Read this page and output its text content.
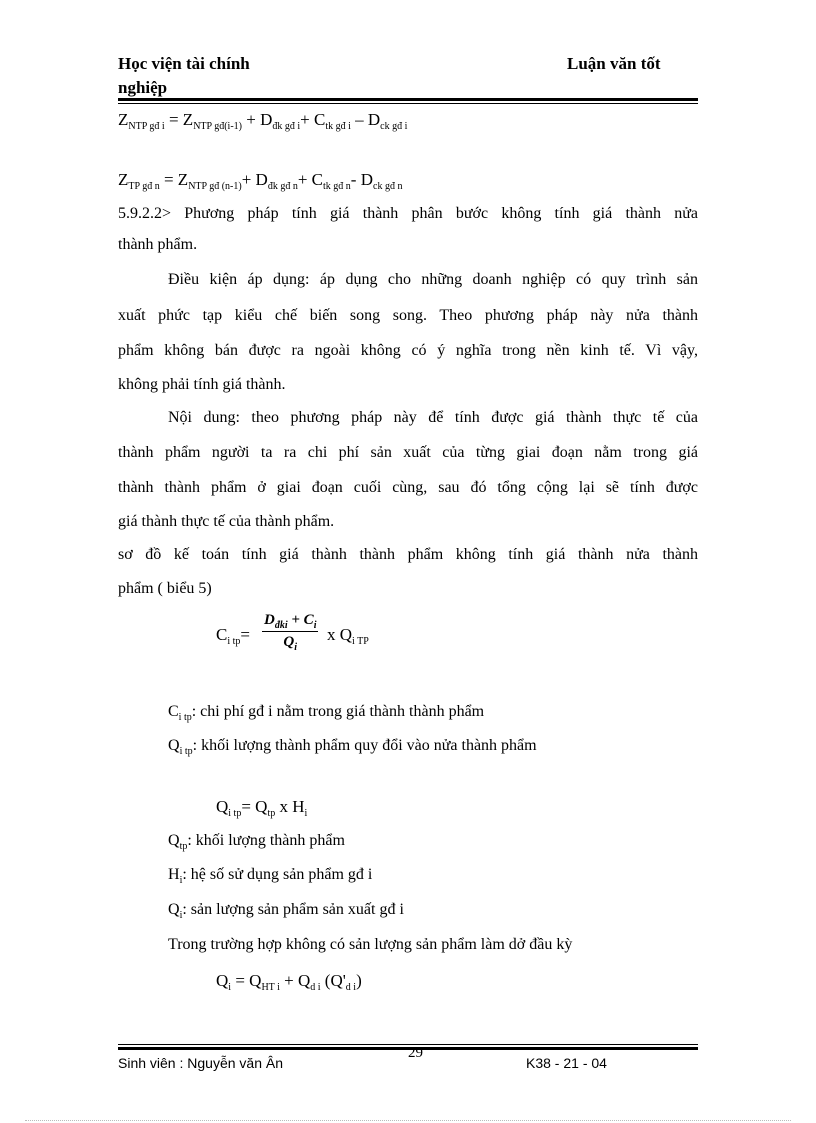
Học viện tài chính
nghiệp
Luận văn tốt
$Z_{NTP gđ i} = Z_{NTP gđ(i-1)} + D_{đk gđ i}+ C_{tk gđ i} - D_{ck gđ i}$
$Z_{TP gđ n} = Z_{NTP gđ (n-1)}+ D_{đk gđ n}+ C_{tk gđ n}-$ $D_{ck gđ n}$
5.9.2.2> Phương pháp tính giá thành phân bước không tính giá thành nửa
thành phẩm.
Điều kiện áp dụng: áp dụng cho những doanh nghiệp có quy trình sản
xuất phức tạp kiểu chế biến song song. Theo phương pháp này nửa thành
phẩm không bán được ra ngoài không có ý nghĩa trong nền kinh tế. Vì vậy,
không phải tính giá thành.
Nội dung: theo phương pháp này để tính được giá thành thực tế của
thành phẩm người ta ra chi phí sản xuất của từng giai đoạn nằm trong giá
thành thành phẩm ở giai đoạn cuối cùng, sau đó tổng cộng lại sẽ tính được
giá thành thực tế của thành phẩm.
sơ đồ kế toán tính giá thành thành phẩm không tính giá thành nửa thành
phẩm ( biểu 5)
$C_{i tp}=$
$D_{đki} + C_i$
$Q_i$
x $Q_{i TP}$
$C_{i tp}$: chi phí gđ i nằm trong giá thành thành phẩm
$Q_{i tp}$: khối lượng thành phẩm quy đổi vào nửa thành phẩm
$Q_{i tp}= Q_{tp}$ x $H_i$
$Q_{tp}$: khối lượng thành phẩm
$H_i$: hệ số sử dụng sản phẩm gđ i
$Q_i$: sản lượng sản phẩm sản xuất gđ i
Trong trường hợp không có sản lượng sản phẩm làm dở đầu kỳ
$Q_i = Q_{HT i} + Q_{d i}$ $(Q'_{d i})$
Sinh viên : Nguyễn văn Ân
29
K38 - 21 - 04
